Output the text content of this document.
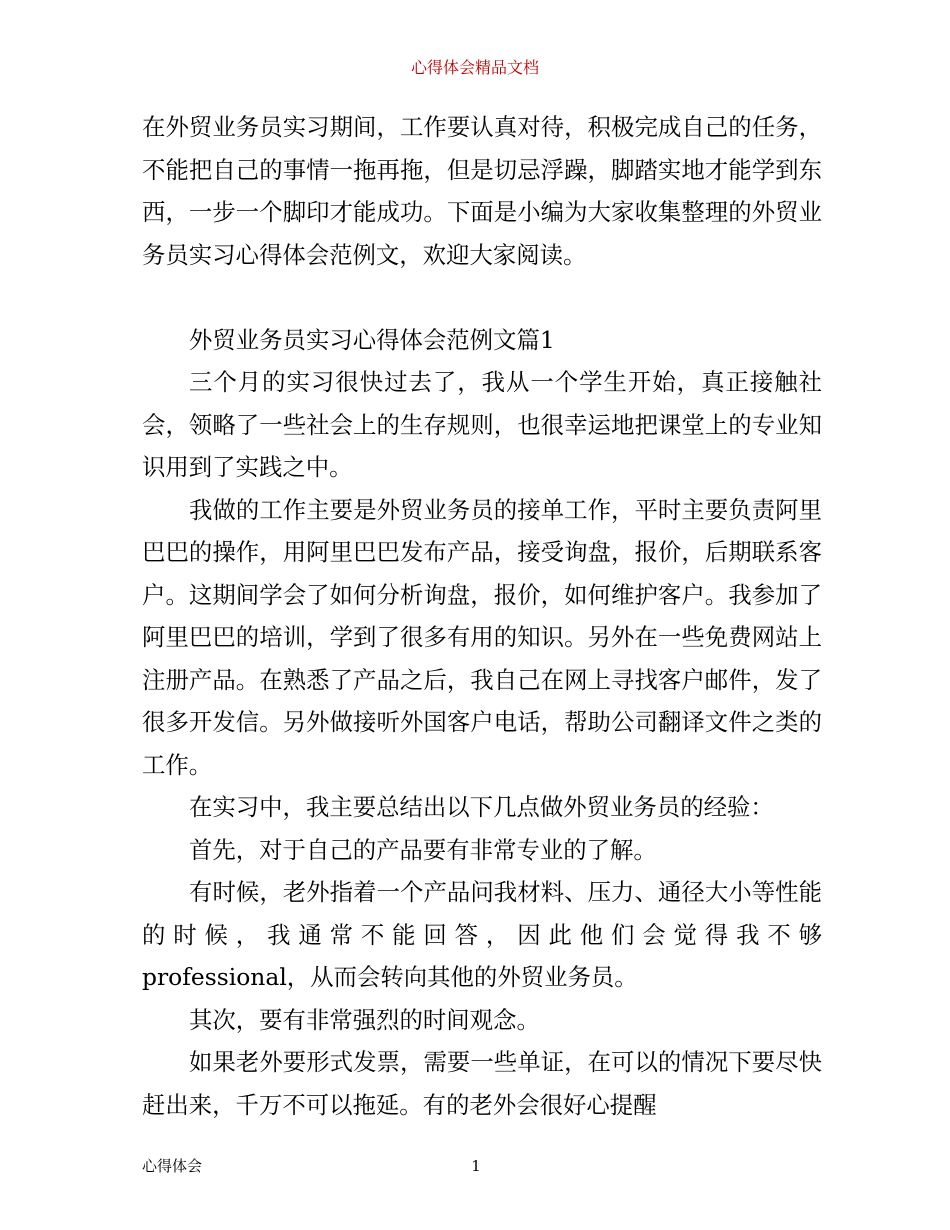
心得体会精品文档

在外贸业务员实习期间，工作要认真对待，积极完成自己的任务，不能把自己的事情一拖再拖，但是切忌浮躁，脚踏实地才能学到东西，一步一个脚印才能成功。下面是小编为大家收集整理的外贸业务员实习心得体会范例文，欢迎大家阅读。

外贸业务员实习心得体会范例文篇1

三个月的实习很快过去了，我从一个学生开始，真正接触社会，领略了一些社会上的生存规则，也很幸运地把课堂上的专业知识用到了实践之中。

我做的工作主要是外贸业务员的接单工作，平时主要负责阿里巴巴的操作，用阿里巴巴发布产品，接受询盘，报价，后期联系客户。这期间学会了如何分析询盘，报价，如何维护客户。我参加了阿里巴巴的培训，学到了很多有用的知识。另外在一些免费网站上注册产品。在熟悉了产品之后，我自己在网上寻找客户邮件，发了很多开发信。另外做接听外国客户电话，帮助公司翻译文件之类的工作。

在实习中，我主要总结出以下几点做外贸业务员的经验：

首先，对于自己的产品要有非常专业的了解。

有时候，老外指着一个产品问我材料、压力、通径大小等性能的时候，我通常不能回答，因此他们会觉得我不够professional，从而会转向其他的外贸业务员。

其次，要有非常强烈的时间观念。

如果老外要形式发票，需要一些单证，在可以的情况下要尽快赶出来，千万不可以拖延。有的老外会很好心提醒

心得体会	1
